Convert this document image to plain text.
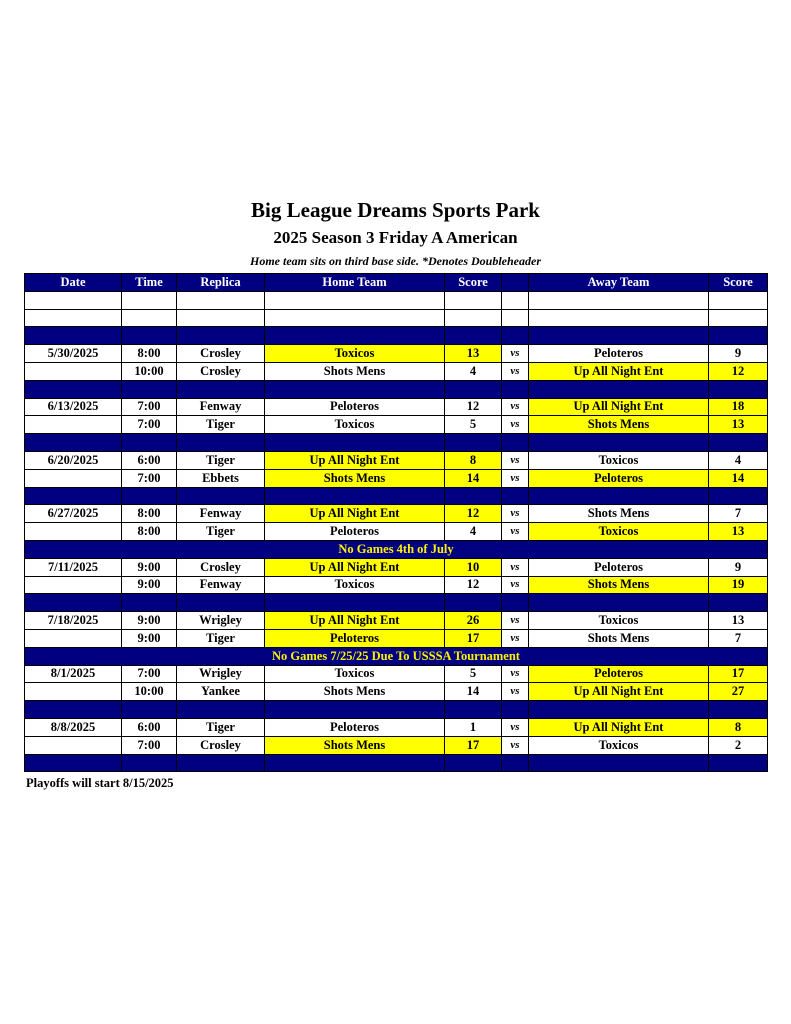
Big League Dreams Sports Park
2025 Season 3 Friday A American
Home team sits on third base side. *Denotes Doubleheader
Date	Time	Replica	Home Team	Score		Away Team	Score

5/30/2025	8:00	Crosley	Toxicos	13	vs	Peloteros	9
	10:00	Crosley	Shots Mens	4	vs	Up All Night Ent	12

6/13/2025	7:00	Fenway	Peloteros	12	vs	Up All Night Ent	18
	7:00	Tiger	Toxicos	5	vs	Shots Mens	13

6/20/2025	6:00	Tiger	Up All Night Ent	8	vs	Toxicos	4
	7:00	Ebbets	Shots Mens	14	vs	Peloteros	14

6/27/2025	8:00	Fenway	Up All Night Ent	12	vs	Shots Mens	7
	8:00	Tiger	Peloteros	4	vs	Toxicos	13
No Games 4th of July							
7/11/2025	9:00	Crosley	Up All Night Ent	10	vs	Peloteros	9
	9:00	Fenway	Toxicos	12	vs	Shots Mens	19

7/18/2025	9:00	Wrigley	Up All Night Ent	26	vs	Toxicos	13
	9:00	Tiger	Peloteros	17	vs	Shots Mens	7
No Games 7/25/25 Due To USSSA Tournament							
8/1/2025	7:00	Wrigley	Toxicos	5	vs	Peloteros	17
	10:00	Yankee	Shots Mens	14	vs	Up All Night Ent	27

8/8/2025	6:00	Tiger	Peloteros	1	vs	Up All Night Ent	8
	7:00	Crosley	Shots Mens	17	vs	Toxicos	2

Playoffs will start 8/15/2025
